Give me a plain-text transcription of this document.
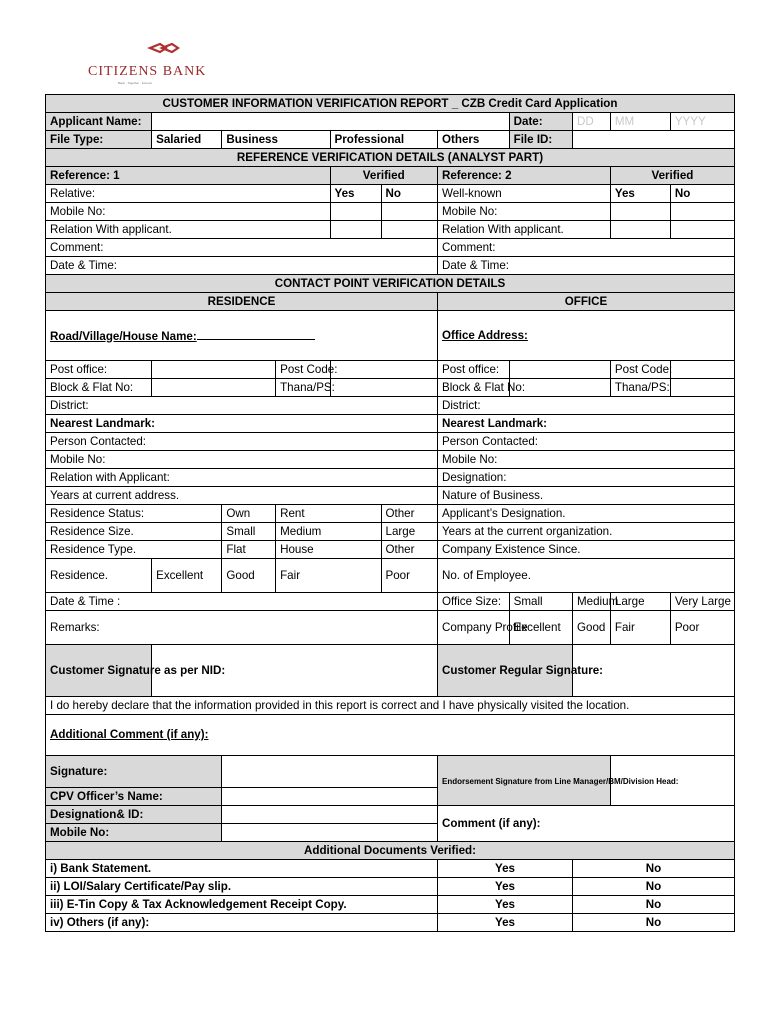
CITIZENS BANK
Bank · Together · Forever
CUSTOMER INFORMATION VERIFICATION REPORT _ CZB Credit Card Application										
Applicant Name:							Date:	DD	MM	YYYY
File Type:	Salaried	Business		Professional		Others	File ID:			
REFERENCE VERIFICATION DETAILS (ANALYST PART)										
Reference: 1				Verified		Reference: 2			Verified	
Relative:				Yes	No	Well-known			Yes	No
Mobile No:						Mobile No:				
Relation With applicant.						Relation With applicant.				
Comment:						Comment:				
Date & Time:						Date & Time:				
CONTACT POINT VERIFICATION DETAILS										
RESIDENCE						OFFICE				
Road/Village/House Name:						Office Address:				
Post office:			Post Code:			Post office:			Post Code:	
Block & Flat No:			Thana/PS:			Block & Flat No:			Thana/PS:	
District:						District:				
Nearest Landmark:						Nearest Landmark:				
Person Contacted:						Person Contacted:				
Mobile No:						Mobile No:				
Relation with Applicant:						Designation:				
Years at current address.						Nature of Business.				
Residence Status:		Own	Rent		Other	Applicant’s Designation.				
Residence Size.		Small	Medium		Large	Years at the current organization.				
Residence Type.		Flat	House		Other	Company Existence Since.				
Residence.	Excellent	Good	Fair		Poor	No. of Employee.				
Date & Time :						Office Size:	Small	Medium	Large	Very Large
Remarks:						Company Profile	Excellent	Good	Fair	Poor
Customer Signature as per NID:						Customer Regular Signature:				
I do hereby declare that the information provided in this report is correct and I have physically visited the location.										
Additional Comment (if any):										
Signature:						Endorsement Signature from Line Manager/BM/Division Head:				
CPV Officer’s Name:										
Designation& ID:						Comment (if any):				
Mobile No:										
Additional Documents Verified:										
i) Bank Statement.						Yes		No		
ii) LOI/Salary Certificate/Pay slip.						Yes		No		
iii) E-Tin Copy & Tax Acknowledgement Receipt Copy.						Yes		No		
iv) Others (if any):						Yes		No		
